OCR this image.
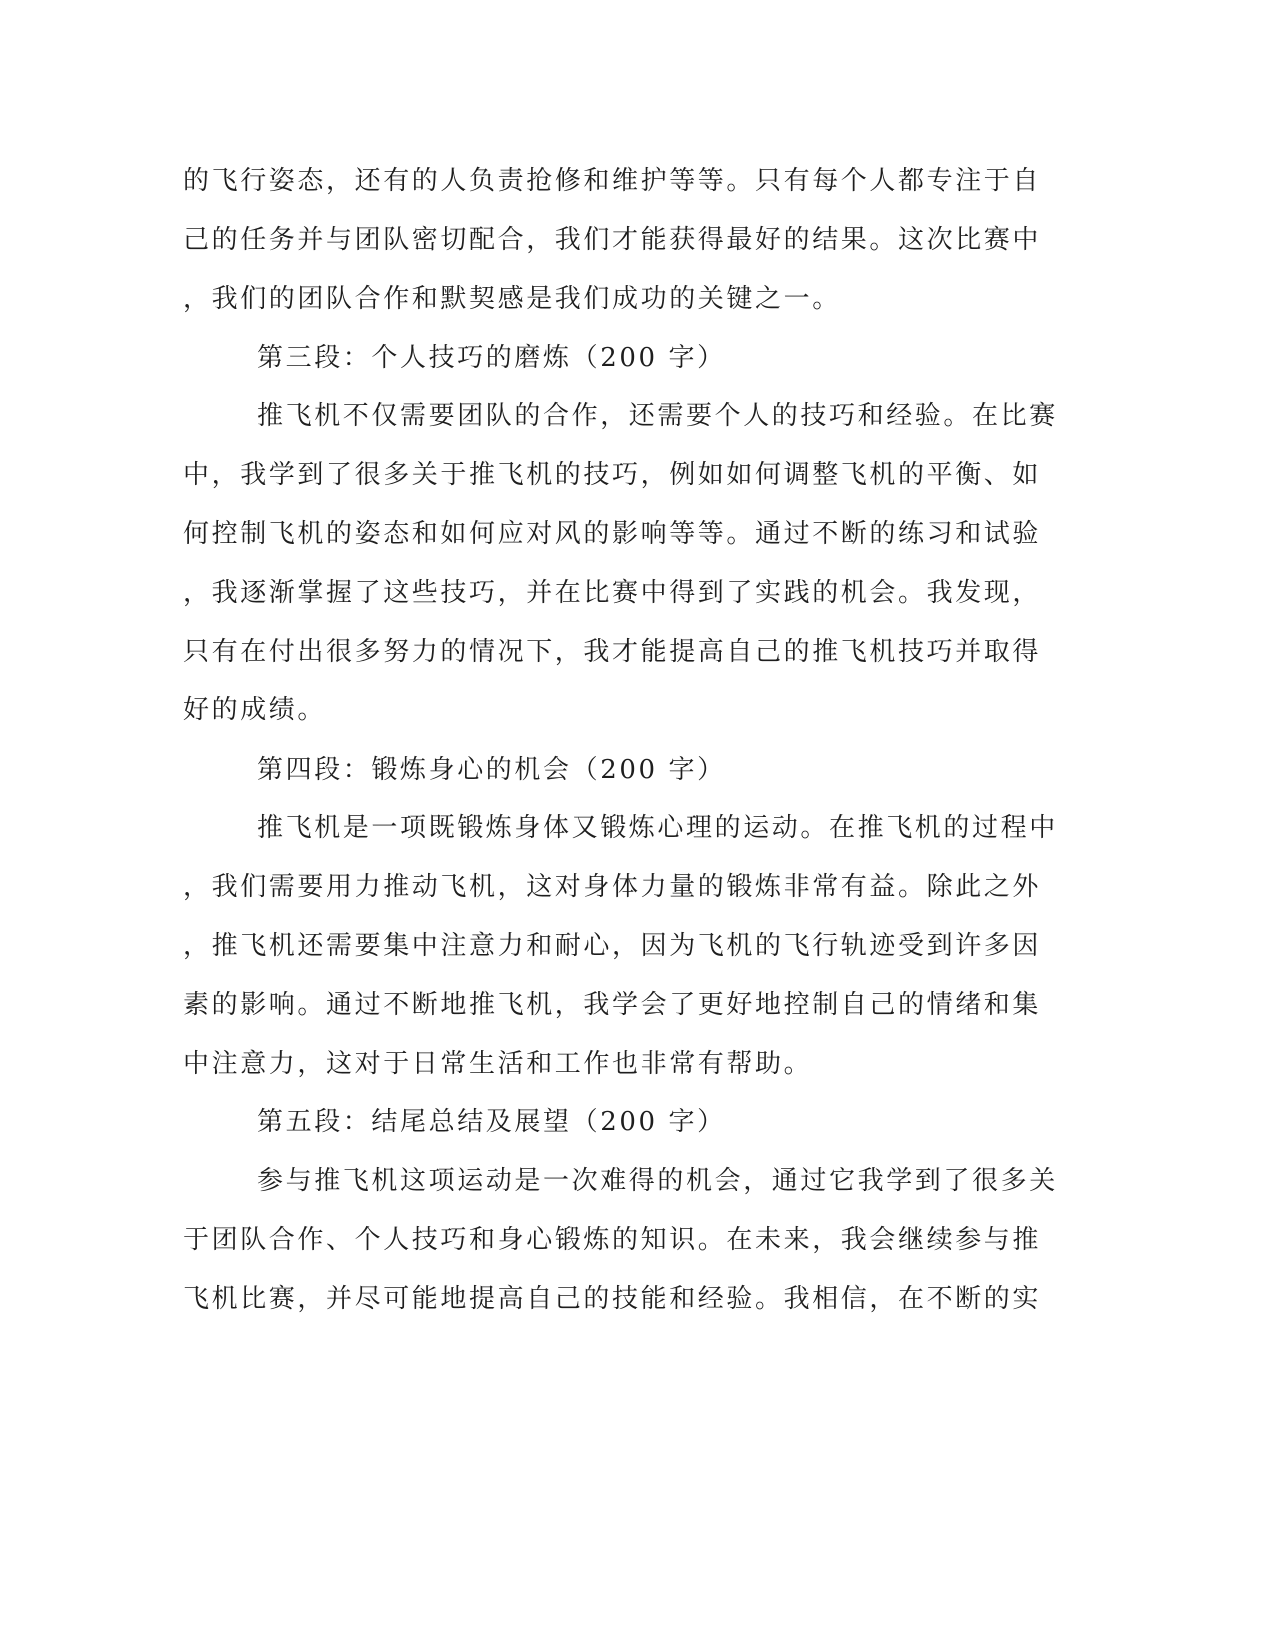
的飞行姿态，还有的人负责抢修和维护等等。只有每个人都专注于自
己的任务并与团队密切配合，我们才能获得最好的结果。这次比赛中
，我们的团队合作和默契感是我们成功的关键之一。
第三段：个人技巧的磨炼（200 字）
推飞机不仅需要团队的合作，还需要个人的技巧和经验。在比赛
中，我学到了很多关于推飞机的技巧，例如如何调整飞机的平衡、如
何控制飞机的姿态和如何应对风的影响等等。通过不断的练习和试验
，我逐渐掌握了这些技巧，并在比赛中得到了实践的机会。我发现，
只有在付出很多努力的情况下，我才能提高自己的推飞机技巧并取得
好的成绩。
第四段：锻炼身心的机会（200 字）
推飞机是一项既锻炼身体又锻炼心理的运动。在推飞机的过程中
，我们需要用力推动飞机，这对身体力量的锻炼非常有益。除此之外
，推飞机还需要集中注意力和耐心，因为飞机的飞行轨迹受到许多因
素的影响。通过不断地推飞机，我学会了更好地控制自己的情绪和集
中注意力，这对于日常生活和工作也非常有帮助。
第五段：结尾总结及展望（200 字）
参与推飞机这项运动是一次难得的机会，通过它我学到了很多关
于团队合作、个人技巧和身心锻炼的知识。在未来，我会继续参与推
飞机比赛，并尽可能地提高自己的技能和经验。我相信，在不断的实
